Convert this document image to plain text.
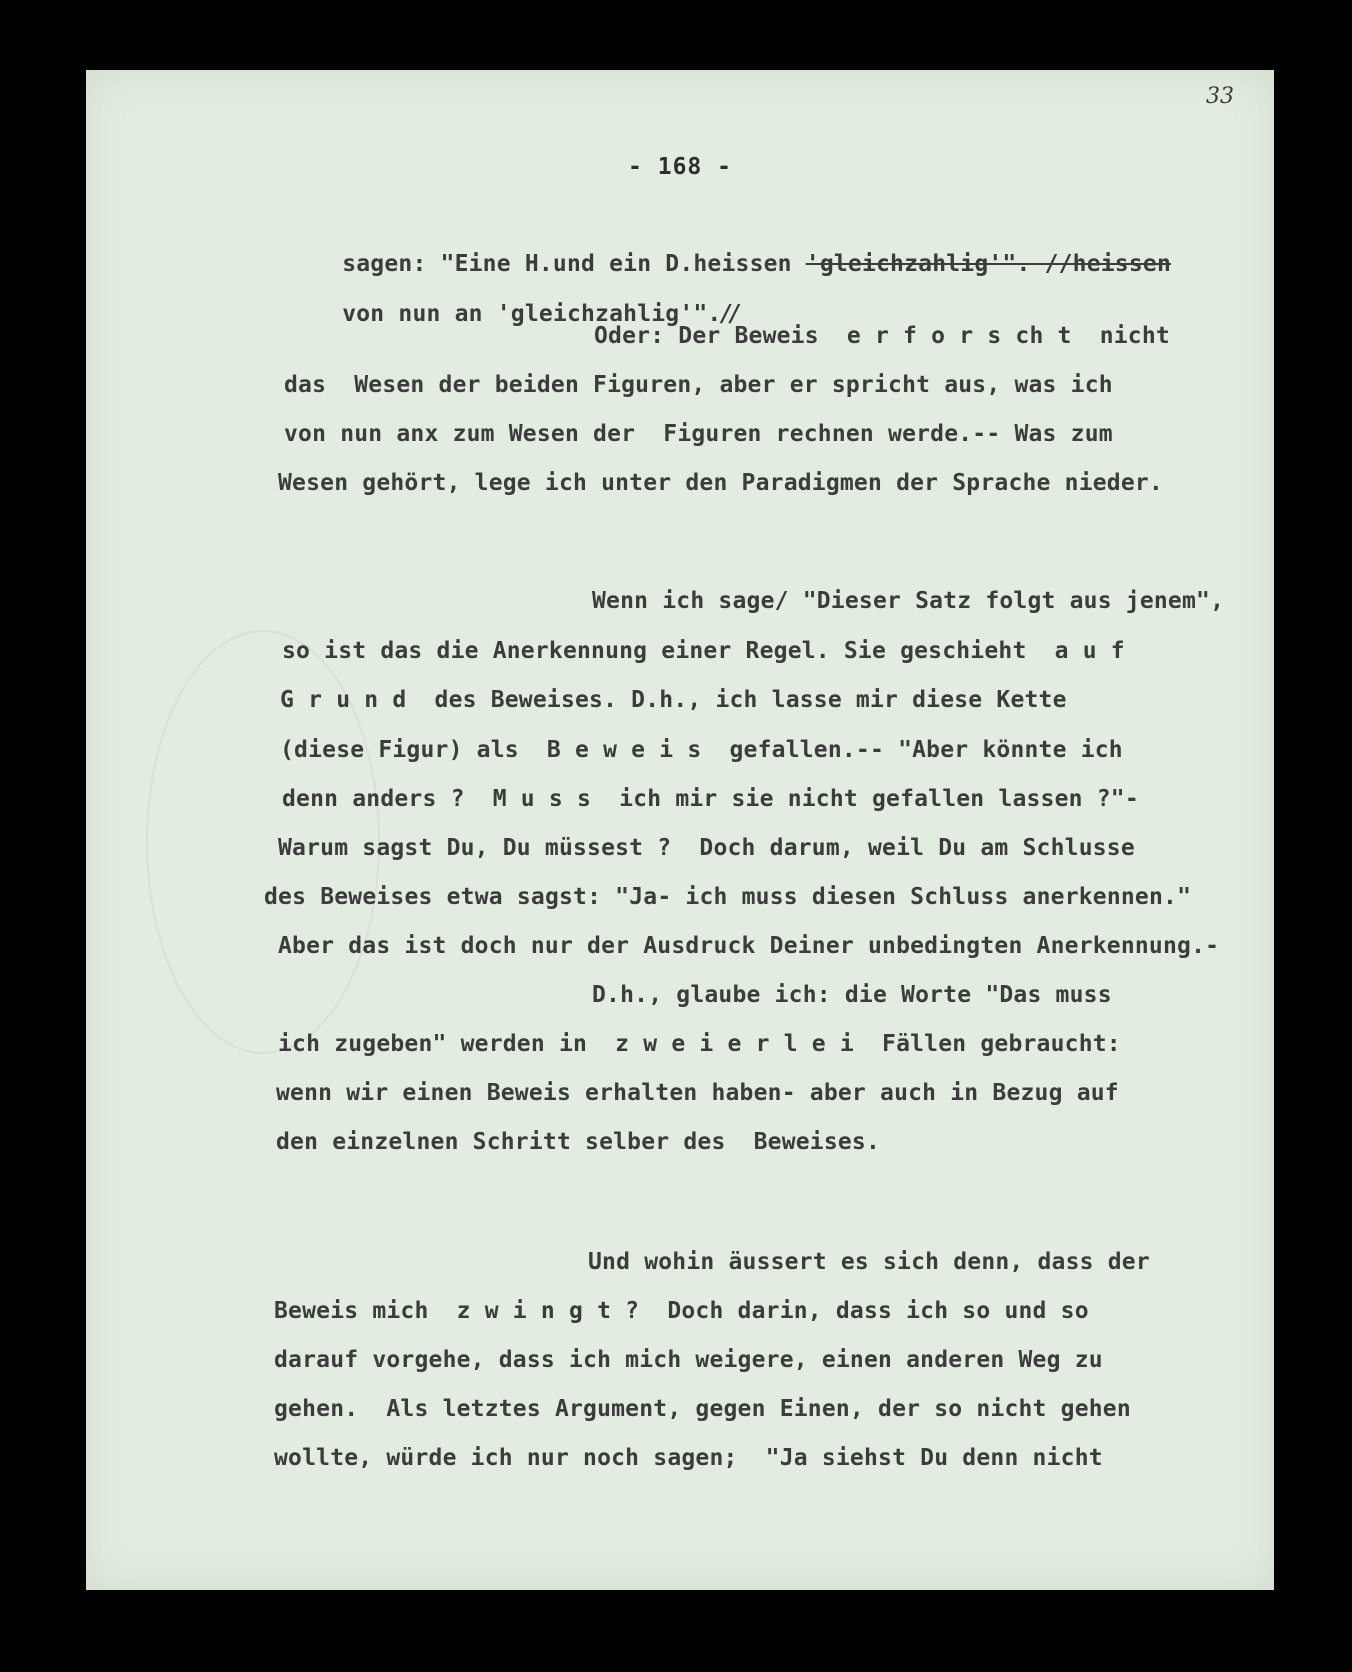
33
- 168 -

sagen: "Eine H.und ein D.heissen 'gleichzahlig'". //heissen

von nun an 'gleichzahlig'".//

Oder: Der Beweis  e r f o r s ch t  nicht
das  Wesen der beiden Figuren, aber er spricht aus, was ich
von nun anx zum Wesen der  Figuren rechnen werde.-- Was zum
Wesen gehört, lege ich unter den Paradigmen der Sprache nieder.
Wenn ich sage/ "Dieser Satz folgt aus jenem",
so ist das die Anerkennung einer Regel. Sie geschieht  a u f
G r u n d  des Beweises. D.h., ich lasse mir diese Kette
(diese Figur) als  B e w e i s  gefallen.-- "Aber könnte ich
denn anders ?  M u s s  ich mir sie nicht gefallen lassen ?"-
Warum sagst Du, Du müssest ?  Doch darum, weil Du am Schlusse
des Beweises etwa sagst: "Ja- ich muss diesen Schluss anerkennen."
Aber das ist doch nur der Ausdruck Deiner unbedingten Anerkennung.-
D.h., glaube ich: die Worte "Das muss
ich zugeben" werden in  z w e i e r l e i  Fällen gebraucht:
wenn wir einen Beweis erhalten haben- aber auch in Bezug auf
den einzelnen Schritt selber des  Beweises.
Und wohin äussert es sich denn, dass der
Beweis mich  z w i n g t ?  Doch darin, dass ich so und so
darauf vorgehe, dass ich mich weigere, einen anderen Weg zu
gehen.  Als letztes Argument, gegen Einen, der so nicht gehen
wollte, würde ich nur noch sagen;  "Ja siehst Du denn nicht
